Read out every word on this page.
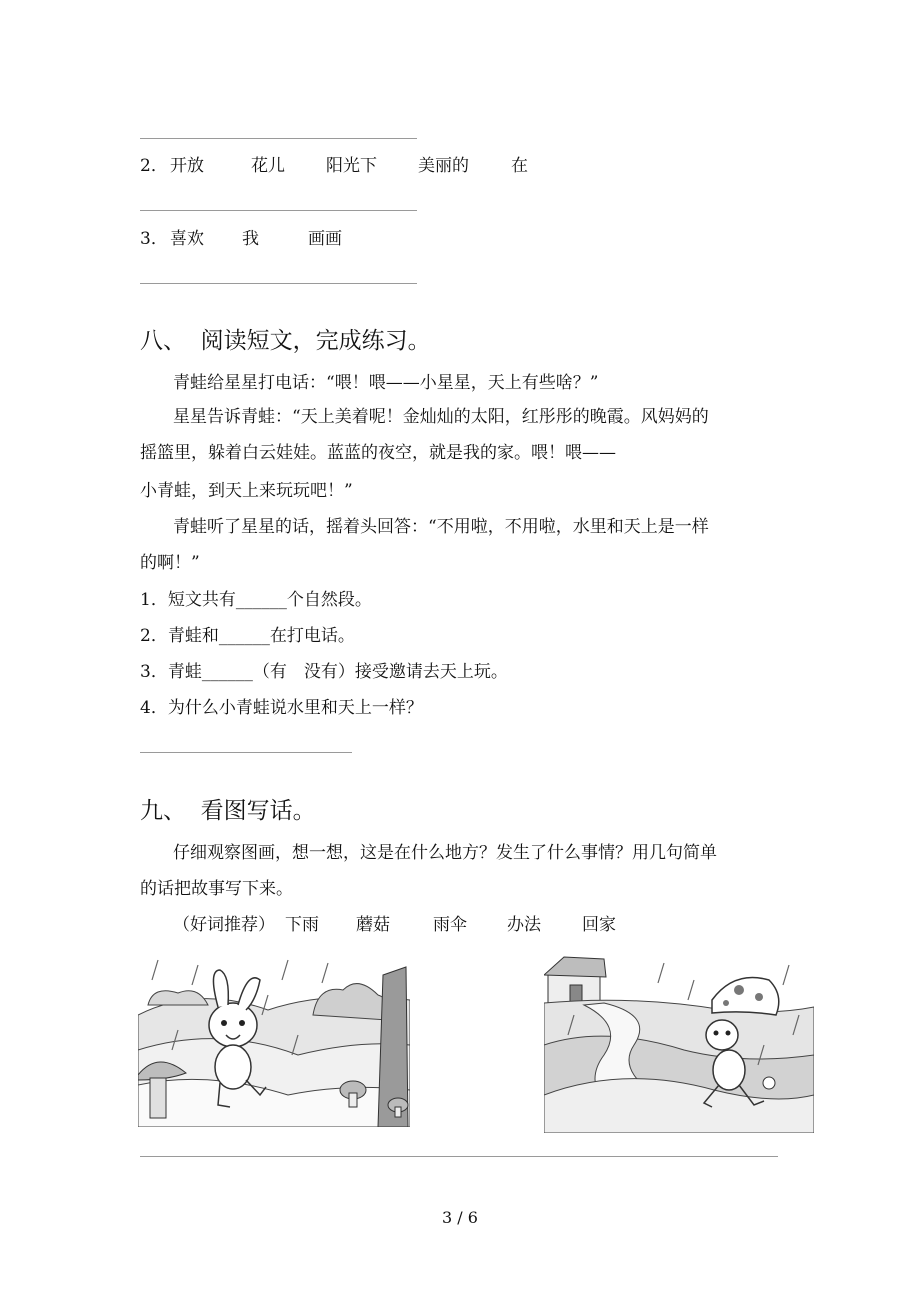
2． 开放	花儿 阳光下 美丽的 在
3． 喜欢 我	画画
八、  阅读短文，完成练习。
青蛙给星星打电话：“喂！喂——小星星，天上有些啥？”
星星告诉青蛙：“天上美着呢！金灿灿的太阳，红彤彤的晚霞。风妈妈的
摇篮里，躲着白云娃娃。蓝蓝的夜空，就是我的家。喂！喂——
小青蛙，到天上来玩玩吧！”
青蛙听了星星的话，摇着头回答：“不用啦，不用啦，水里和天上是一样
的啊！”
1．短文共有______个自然段。
2．青蛙和______在打电话。
3．青蛙______（有　没有）接受邀请去天上玩。
4．为什么小青蛙说水里和天上一样？
九、  看图写话。
仔细观察图画，想一想，这是在什么地方？发生了什么事情？用几句简单
的话把故事写下来。
（好词推荐） 下雨 蘑菇	雨伞 办法 回家
3 / 6
